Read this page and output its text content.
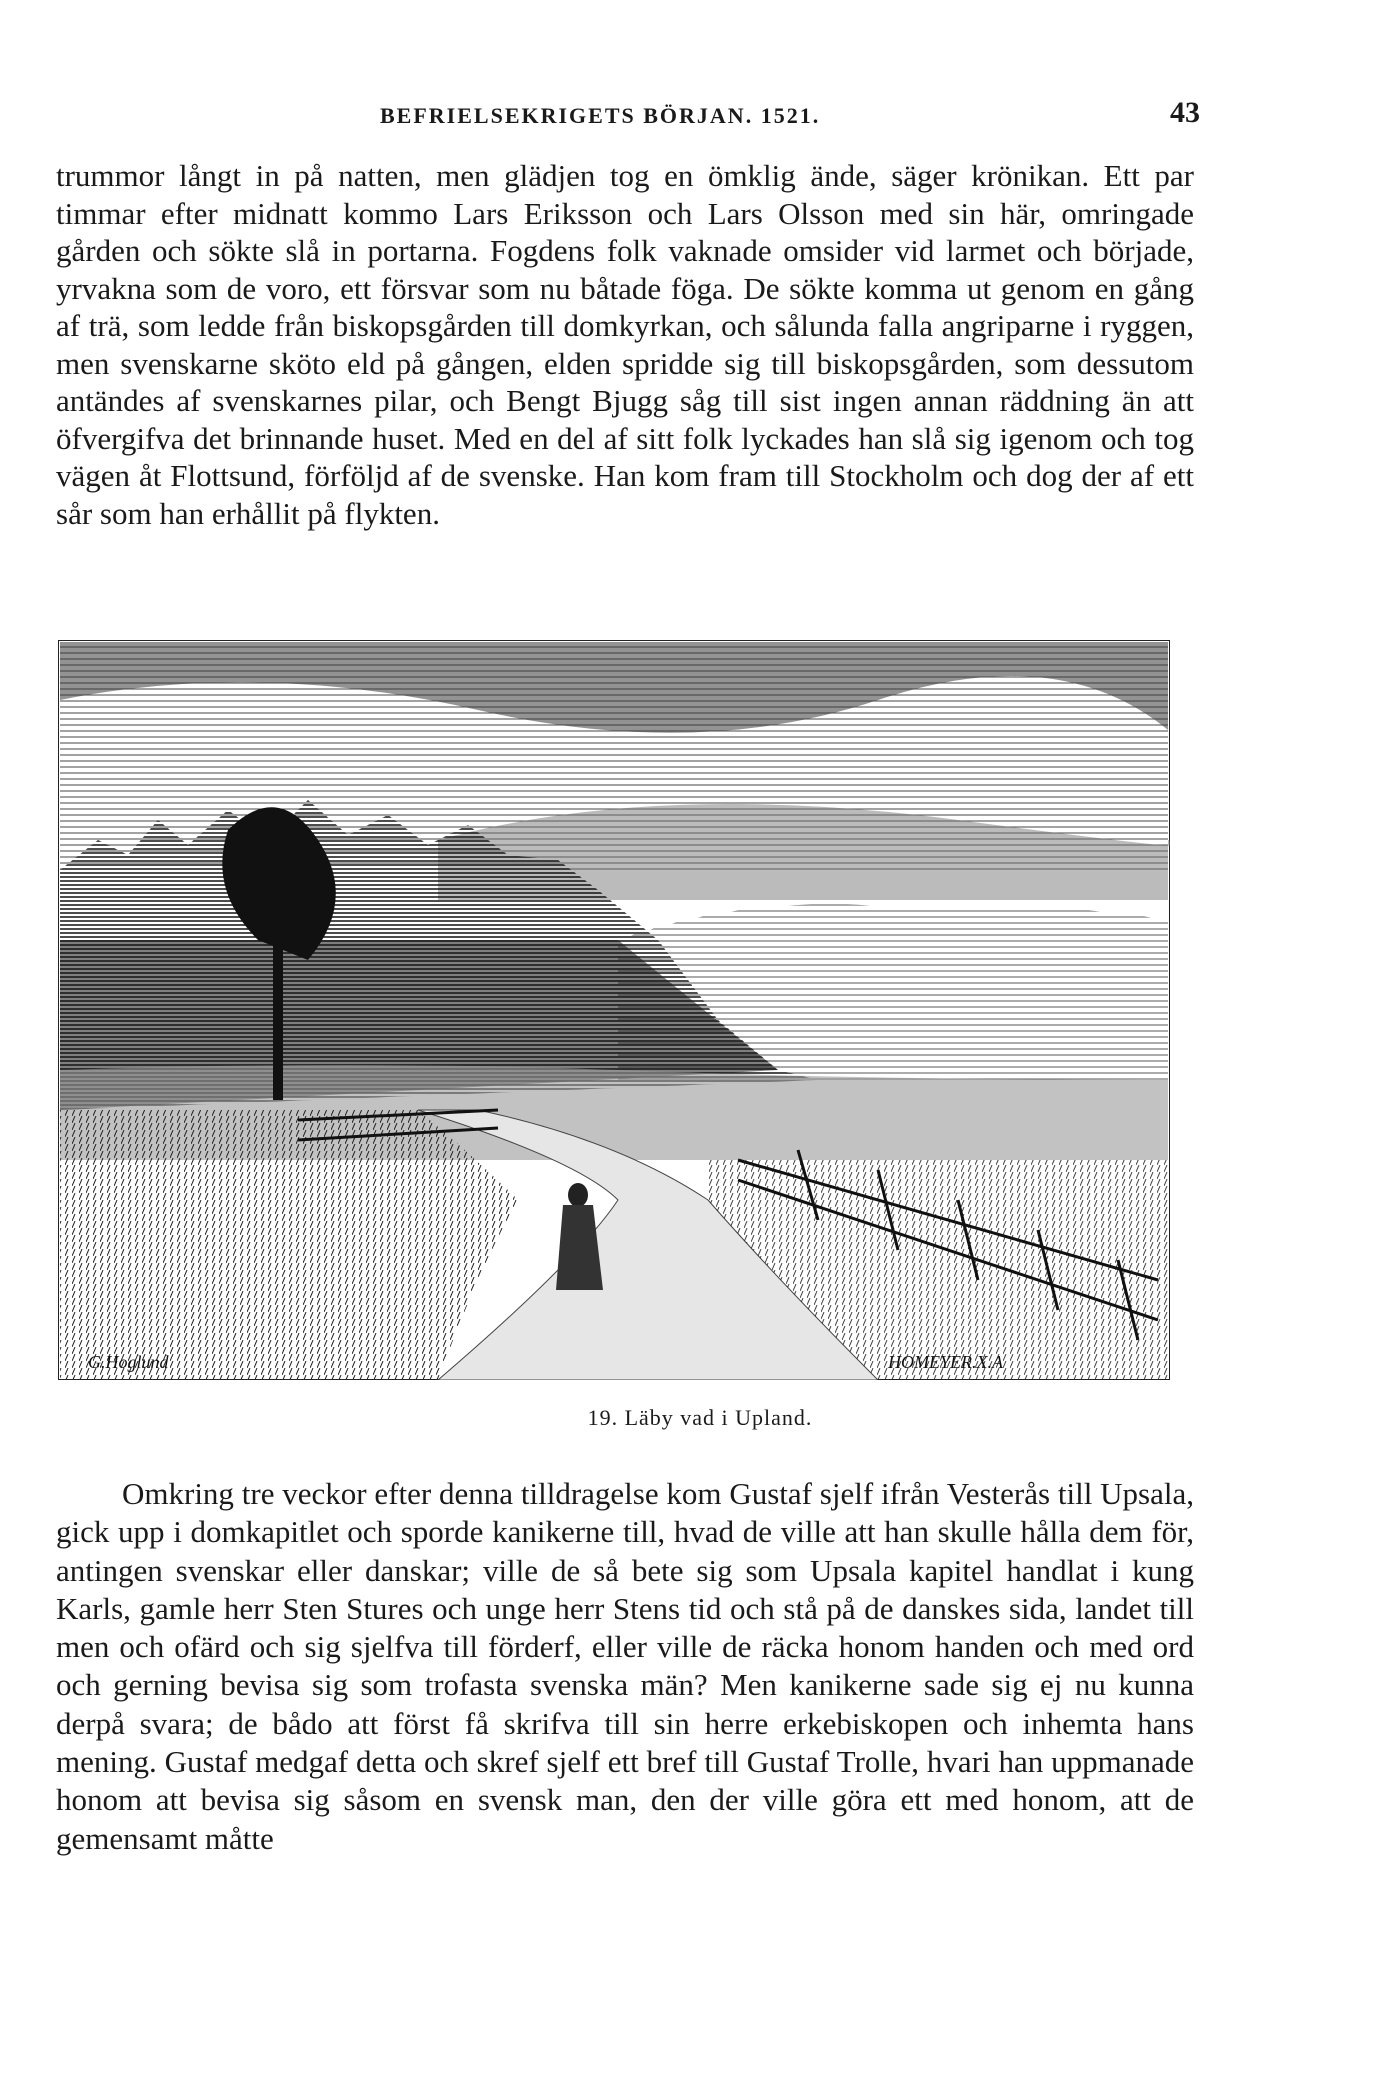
BEFRIELSEKRIGETS BÖRJAN. 1521.	43

trummor långt in på natten, men glädjen tog en ömklig ände, säger krönikan. Ett par timmar efter midnatt kommo Lars Eriksson och Lars Olsson med sin här, omringade gården och sökte slå in portarna. Fogdens folk vaknade omsider vid larmet och började, yrvakna som de voro, ett försvar som nu båtade föga. De sökte komma ut genom en gång af trä, som ledde från biskopsgården till domkyrkan, och sålunda falla angriparne i ryggen, men svenskarne sköto eld på gången, elden spridde sig till biskopsgården, som dessutom antändes af svenskarnes pilar, och Bengt Bjugg såg till sist ingen annan räddning än att öfvergifva det brinnande huset. Med en del af sitt folk lyckades han slå sig igenom och tog vägen åt Flottsund, förföljd af de svenske. Han kom fram till Stockholm och dog der af ett sår som han erhållit på flykten.

G.Hoglund	HOMEYER.X.A
19. Läby vad i Upland.

Omkring tre veckor efter denna tilldragelse kom Gustaf sjelf ifrån Vesterås till Upsala, gick upp i domkapitlet och sporde kanikerne till, hvad de ville att han skulle hålla dem för, antingen svenskar eller danskar; ville de så bete sig som Upsala kapitel handlat i kung Karls, gamle herr Sten Stures och unge herr Stens tid och stå på de danskes sida, landet till men och ofärd och sig sjelfva till förderf, eller ville de räcka honom handen och med ord och gerning bevisa sig som trofasta svenska män? Men kanikerne sade sig ej nu kunna derpå svara; de bådo att först få skrifva till sin herre erkebiskopen och inhemta hans mening. Gustaf medgaf detta och skref sjelf ett bref till Gustaf Trolle, hvari han uppmanade honom att bevisa sig såsom en svensk man, den der ville göra ett med honom, att de gemensamt måtte
